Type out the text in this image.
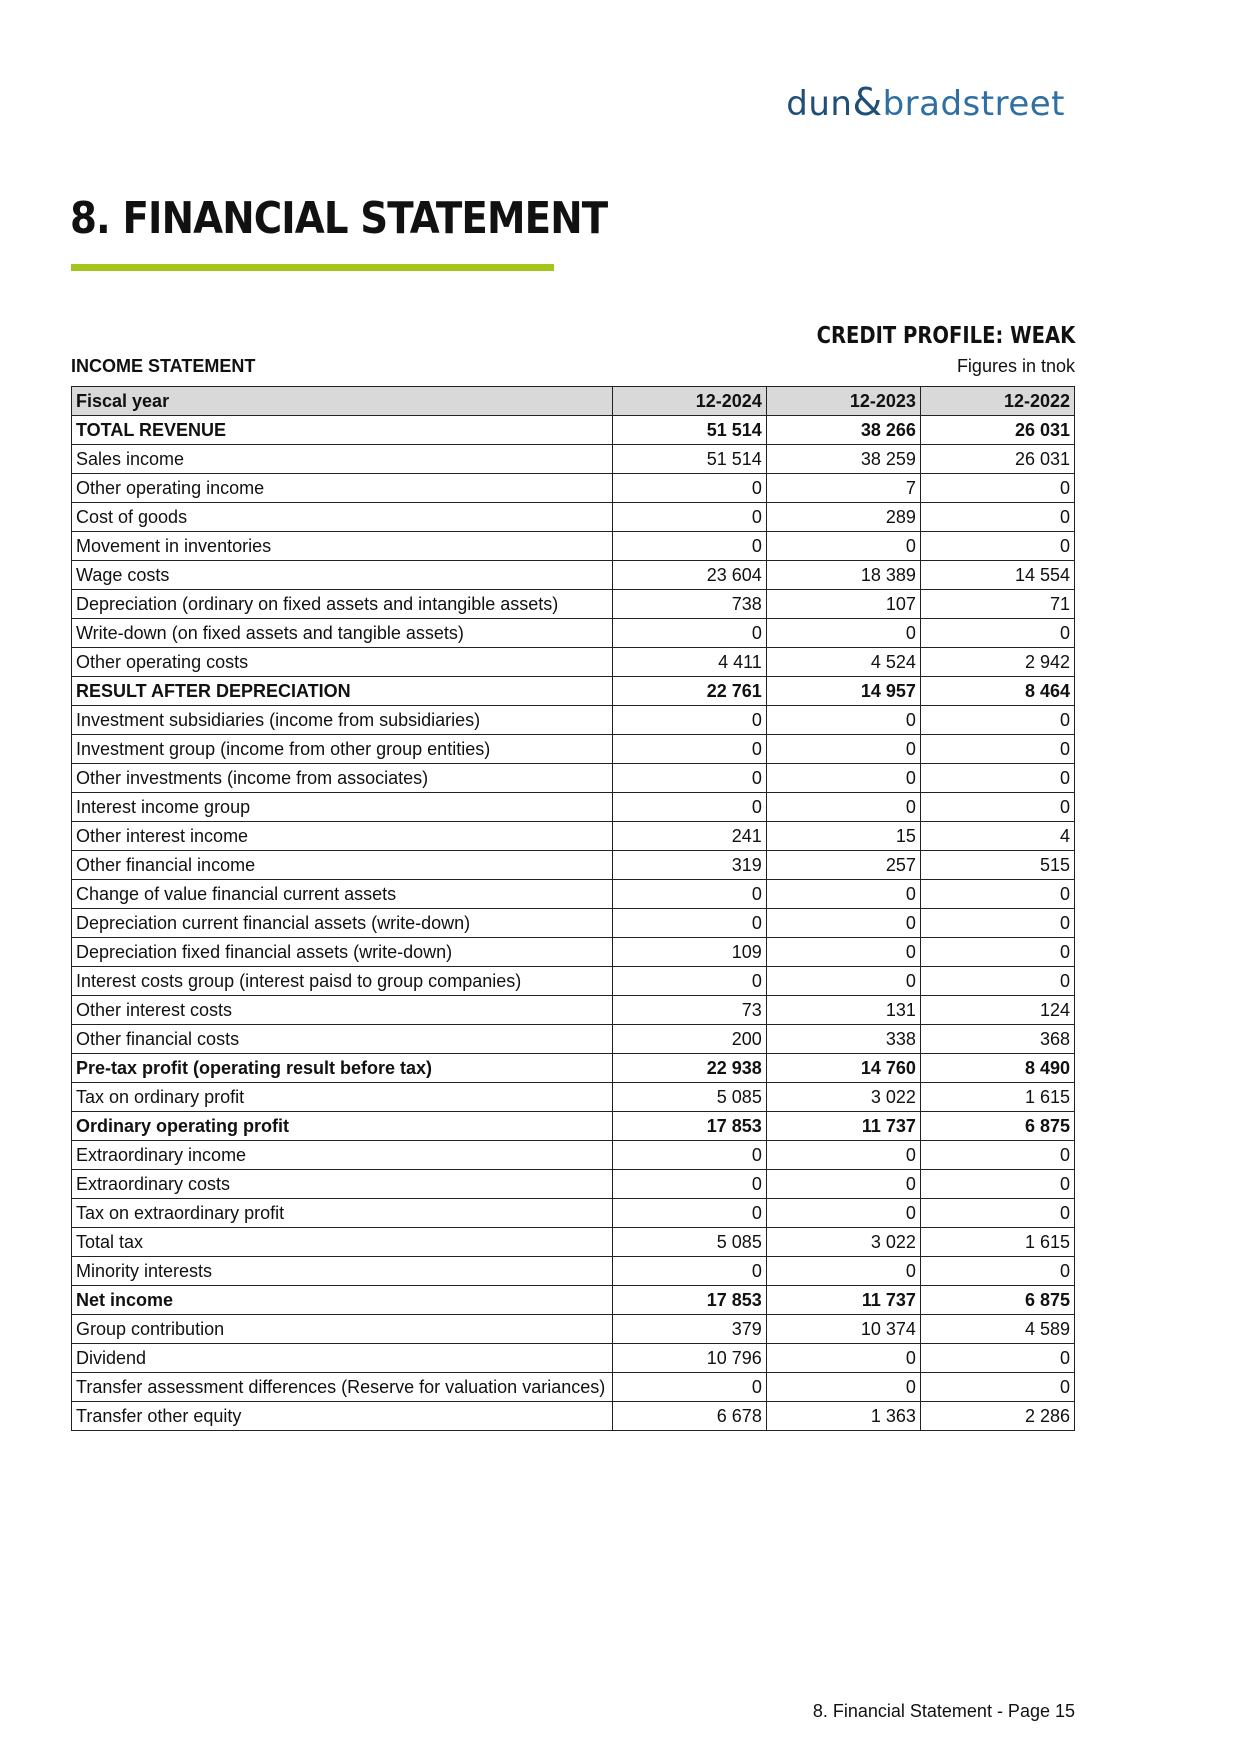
dun&bradstreet
8. FINANCIAL STATEMENT
CREDIT PROFILE: WEAK
INCOME STATEMENT	Figures in tnok
Fiscal year	12-2024	12-2023	12-2022
TOTAL REVENUE	51 514	38 266	26 031
Sales income	51 514	38 259	26 031
Other operating income	0	7	0
Cost of goods	0	289	0
Movement in inventories	0	0	0
Wage costs	23 604	18 389	14 554
Depreciation (ordinary on fixed assets and intangible assets)	738	107	71
Write-down (on fixed assets and tangible assets)	0	0	0
Other operating costs	4 411	4 524	2 942
RESULT AFTER DEPRECIATION	22 761	14 957	8 464
Investment subsidiaries (income from subsidiaries)	0	0	0
Investment group (income from other group entities)	0	0	0
Other investments (income from associates)	0	0	0
Interest income group	0	0	0
Other interest income	241	15	4
Other financial income	319	257	515
Change of value financial current assets	0	0	0
Depreciation current financial assets (write-down)	0	0	0
Depreciation fixed financial assets (write-down)	109	0	0
Interest costs group (interest paisd to group companies)	0	0	0
Other interest costs	73	131	124
Other financial costs	200	338	368
Pre-tax profit (operating result before tax)	22 938	14 760	8 490
Tax on ordinary profit	5 085	3 022	1 615
Ordinary operating profit	17 853	11 737	6 875
Extraordinary income	0	0	0
Extraordinary costs	0	0	0
Tax on extraordinary profit	0	0	0
Total tax	5 085	3 022	1 615
Minority interests	0	0	0
Net income	17 853	11 737	6 875
Group contribution	379	10 374	4 589
Dividend	10 796	0	0
Transfer assessment differences (Reserve for valuation variances)	0	0	0
Transfer other equity	6 678	1 363	2 286
8. Financial Statement - Page 15
